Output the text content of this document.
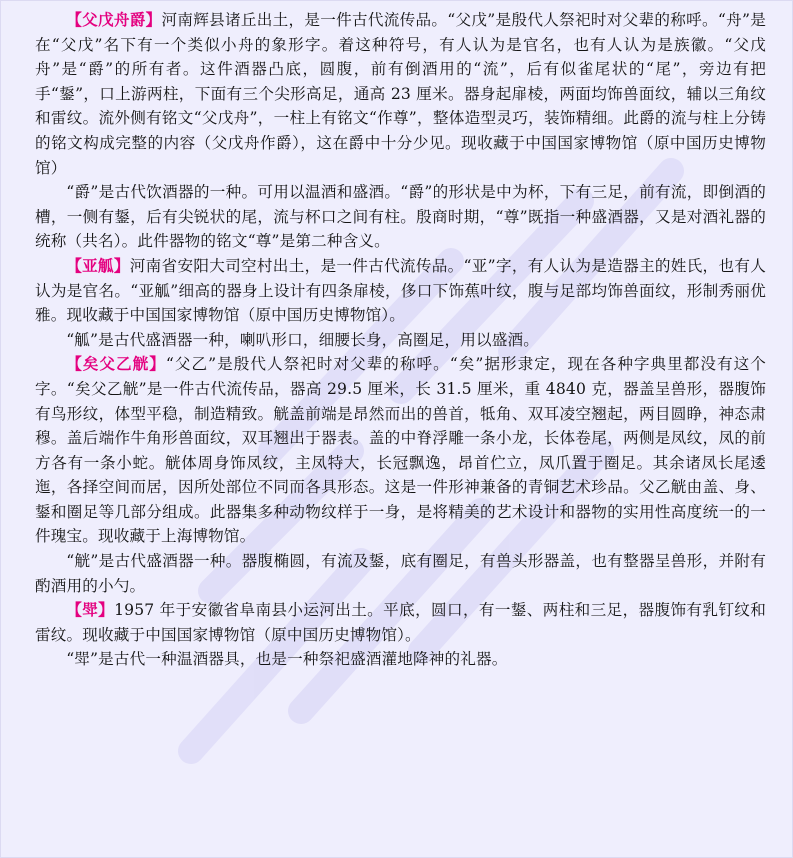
【父戊舟爵】河南辉县诸丘出土，是一件古代流传品。“父戊”是殷代人祭祀时对父辈的称呼。“舟”是在“父戊”名下有一个类似小舟的象形字。着这种符号，有人认为是官名，也有人认为是族徽。“父戊舟”是“爵”的所有者。这件酒器凸底，圆腹，前有倒酒用的“流”，后有似雀尾状的“尾”，旁边有把手“鋬”，口上游两柱，下面有三个尖形高足，通高 23 厘米。器身起扉棱，两面均饰兽面纹，辅以三角纹和雷纹。流外侧有铭文“父戊舟”，一柱上有铭文“作尊”，整体造型灵巧，装饰精细。此爵的流与柱上分铸的铭文构成完整的内容（父戊舟作爵），这在爵中十分少见。现收藏于中国国家博物馆（原中国历史博物馆）

“爵”是古代饮酒器的一种。可用以温酒和盛酒。“爵”的形状是中为杯，下有三足，前有流，即倒酒的槽，一侧有鋬，后有尖锐状的尾，流与杯口之间有柱。殷商时期，“尊”既指一种盛酒器，又是对酒礼器的统称（共名）。此件器物的铭文“尊”是第二种含义。

【亚觚】河南省安阳大司空村出土，是一件古代流传品。“亚”字，有人认为是造器主的姓氏，也有人认为是官名。“亚觚”细高的器身上设计有四条扉棱，侈口下饰蕉叶纹，腹与足部均饰兽面纹，形制秀丽优雅。现收藏于中国国家博物馆（原中国历史博物馆）。

“觚”是古代盛酒器一种，喇叭形口，细腰长身，高圈足，用以盛酒。

【矣父乙觥】“父乙”是殷代人祭祀时对父辈的称呼。“矣”据形隶定，现在各种字典里都没有这个字。“矣父乙觥”是一件古代流传品，器高 29.5 厘米，长 31.5 厘米，重 4840 克，器盖呈兽形，器腹饰有鸟形纹，体型平稳，制造精致。觥盖前端是昂然而出的兽首，牴角、双耳凌空翘起，两目圆睁，神态肃穆。盖后端作牛角形兽面纹，双耳翘出于器表。盖的中脊浮雕一条小龙，长体卷尾，两侧是凤纹，凤的前方各有一条小蛇。觥体周身饰凤纹，主凤特大，长冠飘逸，昂首伫立，凤爪置于圈足。其余诸凤长尾逶迤，各择空间而居，因所处部位不同而各具形态。这是一件形神兼备的青铜艺术珍品。父乙觥由盖、身、鋬和圈足等几部分组成。此器集多种动物纹样于一身，是将精美的艺术设计和器物的实用性高度统一的一件瑰宝。现收藏于上海博物馆。

“觥”是古代盛酒器一种。器腹椭圆，有流及鋬，底有圈足，有兽头形器盖，也有整器呈兽形，并附有酌酒用的小勺。

【斝】1957 年于安徽省阜南县小运河出土。平底，圆口，有一鋬、两柱和三足，器腹饰有乳钉纹和雷纹。现收藏于中国国家博物馆（原中国历史博物馆）。

“斝”是古代一种温酒器具，也是一种祭祀盛酒灌地降神的礼器。
